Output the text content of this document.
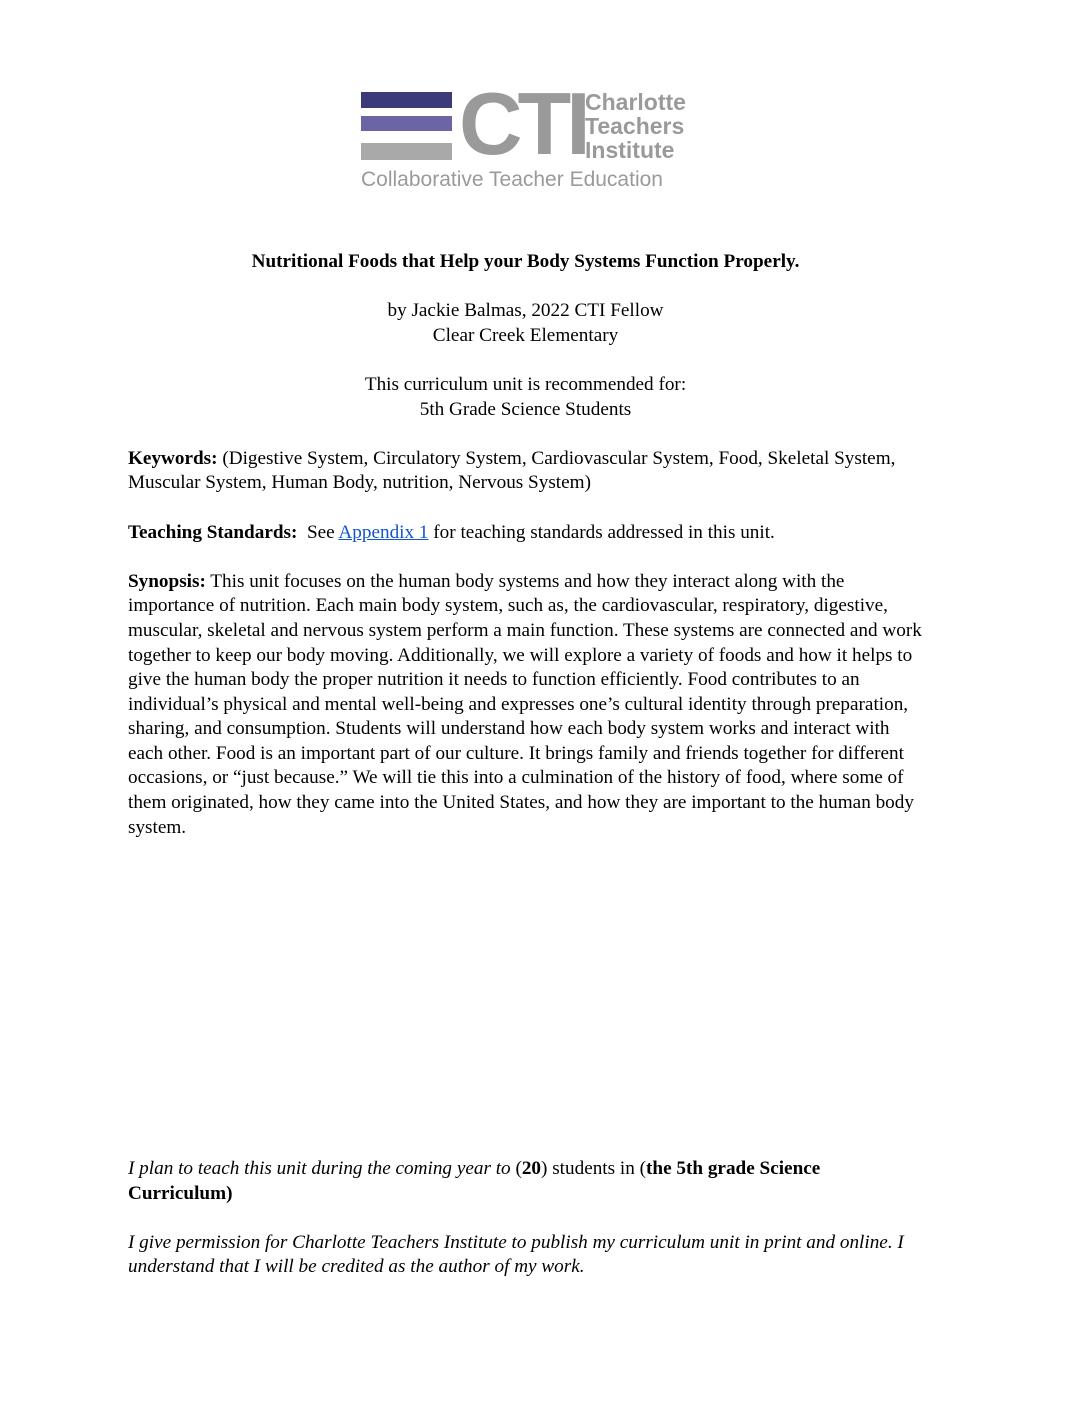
CTI Charlotte
Teachers
Institute
Collaborative Teacher Education
Nutritional Foods that Help your Body Systems Function Properly.
by Jackie Balmas, 2022 CTI Fellow
Clear Creek Elementary
This curriculum unit is recommended for:
5th Grade Science Students
Keywords: (Digestive System, Circulatory System, Cardiovascular System, Food, Skeletal System, Muscular System, Human Body, nutrition, Nervous System)
Teaching Standards:  See Appendix 1 for teaching standards addressed in this unit.
Synopsis: This unit focuses on the human body systems and how they interact along with the importance of nutrition. Each main body system, such as, the cardiovascular, respiratory, digestive, muscular, skeletal and nervous system perform a main function. These systems are connected and work together to keep our body moving. Additionally, we will explore a variety of foods and how it helps to give the human body the proper nutrition it needs to function efficiently. Food contributes to an individual’s physical and mental well-being and expresses one’s cultural identity through preparation, sharing, and consumption. Students will understand how each body system works and interact with each other. Food is an important part of our culture. It brings family and friends together for different occasions, or “just because.” We will tie this into a culmination of the history of food, where some of them originated, how they came into the United States, and how they are important to the human body system.
I plan to teach this unit during the coming year to (20) students in (the 5th grade Science Curriculum)
I give permission for Charlotte Teachers Institute to publish my curriculum unit in print and online. I understand that I will be credited as the author of my work.
